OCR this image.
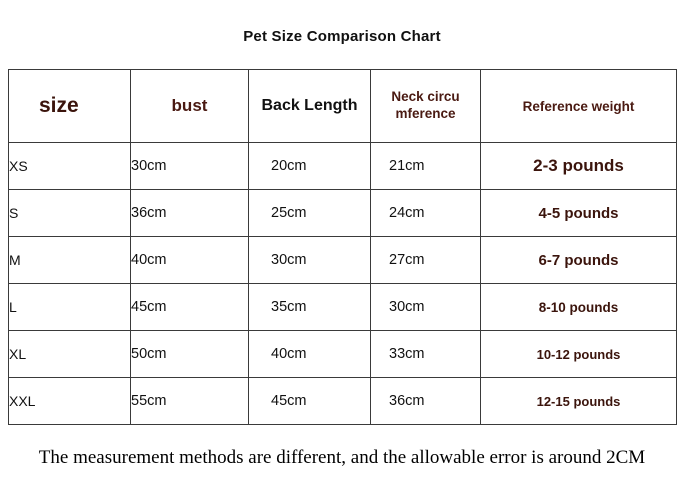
Pet Size Comparison Chart
size	bust	Back Length	Neck circu mference	Reference weight
XS	30cm	20cm	21cm	2-3 pounds
S	36cm	25cm	24cm	4-5 pounds
M	40cm	30cm	27cm	6-7 pounds
L	45cm	35cm	30cm	8-10 pounds
XL	50cm	40cm	33cm	10-12 pounds
XXL	55cm	45cm	36cm	12-15 pounds
The measurement methods are different, and the allowable error is around 2CM
